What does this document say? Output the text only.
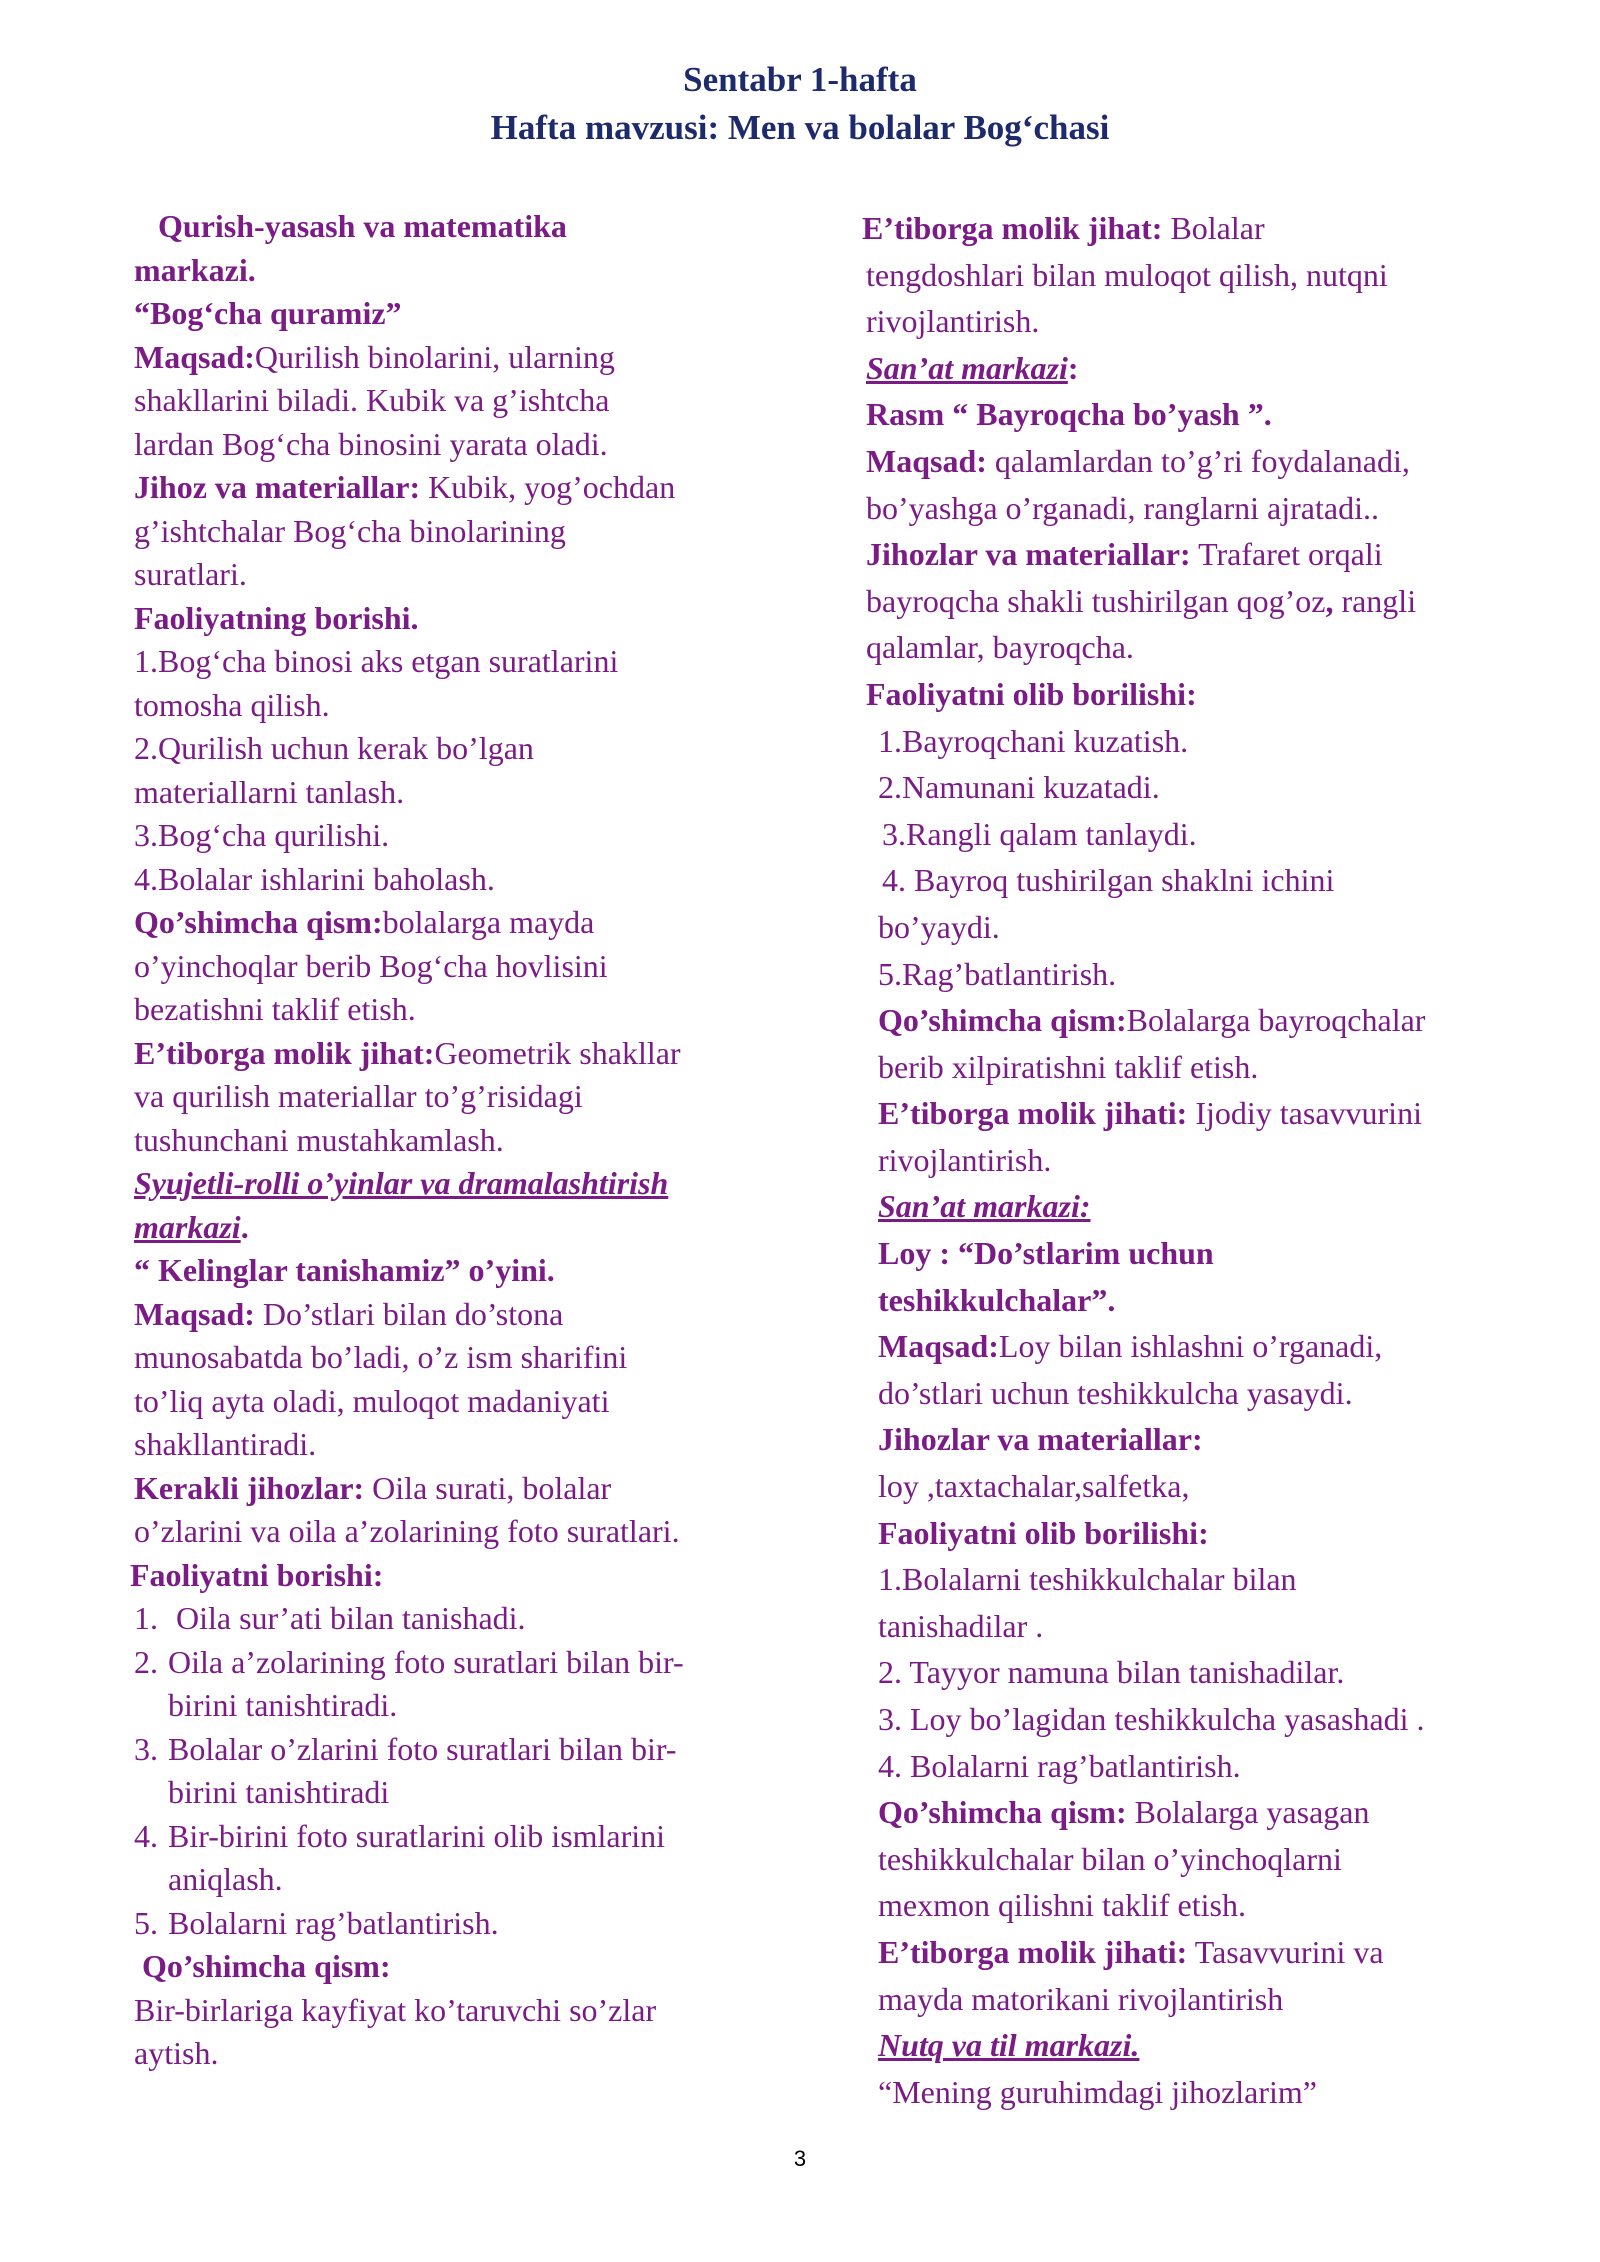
Sentabr 1-hafta
Hafta mavzusi: Men va bolalar Bog‘chasi
Qurish-yasash va matematika
markazi.
“Bog‘cha quramiz”
Maqsad:Qurilish binolarini, ularning
shakllarini biladi. Kubik va g’ishtcha
lardan Bog‘cha binosini yarata oladi.
Jihoz va materiallar: Kubik, yog’ochdan
g’ishtchalar Bog‘cha binolarining
suratlari.
Faoliyatning borishi.
1.Bog‘cha binosi aks etgan suratlarini
tomosha qilish.
2.Qurilish uchun kerak bo’lgan
materiallarni tanlash.
3.Bog‘cha qurilishi.
4.Bolalar ishlarini baholash.
Qo’shimcha qism:bolalarga mayda
o’yinchoqlar berib Bog‘cha hovlisini
bezatishni taklif etish.
E’tiborga molik jihat:Geometrik shakllar
va qurilish materiallar to’g’risidagi
tushunchani mustahkamlash.
Syujetli-rolli o’yinlar va dramalashtirish
markazi.
“ Kelinglar tanishamiz” o’yini.
Maqsad: Do’stlari bilan do’stona
munosabatda bo’ladi, o’z ism sharifini
to’liq ayta oladi, muloqot madaniyati
shakllantiradi.
Kerakli jihozlar: Oila surati, bolalar
o’zlarini va oila a’zolarining foto suratlari.
Faoliyatni borishi:
1. Oila sur’ati bilan tanishadi.
2. Oila a’zolarining foto suratlari bilan bir-
birini tanishtiradi.
3. Bolalar o’zlarini foto suratlari bilan bir-
birini tanishtiradi
4. Bir-birini foto suratlarini olib ismlarini
aniqlash.
5. Bolalarni rag’batlantirish.
Qo’shimcha qism:
Bir-birlariga kayfiyat ko’taruvchi so’zlar
aytish.
E’tiborga molik jihat: Bolalar
tengdoshlari bilan muloqot qilish, nutqni
rivojlantirish.
San’at markazi:
Rasm “ Bayroqcha bo’yash ”.
Maqsad: qalamlardan to’g’ri foydalanadi,
bo’yashga o’rganadi, ranglarni ajratadi..
Jihozlar va materiallar: Trafaret orqali
bayroqcha shakli tushirilgan qog’oz, rangli
qalamlar, bayroqcha.
Faoliyatni olib borilishi:
1.Bayroqchani kuzatish.
2.Namunani kuzatadi.
3.Rangli qalam tanlaydi.
4. Bayroq tushirilgan shaklni ichini
bo’yaydi.
5.Rag’batlantirish.
Qo’shimcha qism:Bolalarga bayroqchalar
berib xilpiratishni taklif etish.
E’tiborga molik jihati: Ijodiy tasavvurini
rivojlantirish.
San’at markazi:
Loy : “Do’stlarim uchun
teshikkulchalar”.
Maqsad:Loy bilan ishlashni o’rganadi,
do’stlari uchun teshikkulcha yasaydi.
Jihozlar va materiallar:
loy ,taxtachalar,salfetka,
Faoliyatni olib borilishi:
1.Bolalarni teshikkulchalar bilan
tanishadilar .
2. Tayyor namuna bilan tanishadilar.
3. Loy bo’lagidan teshikkulcha yasashadi .
4. Bolalarni rag’batlantirish.
Qo’shimcha qism: Bolalarga yasagan
teshikkulchalar bilan o’yinchoqlarni
mexmon qilishni taklif etish.
E’tiborga molik jihati: Tasavvurini va
mayda matorikani rivojlantirish
Nutq va til markazi.
“Mening guruhimdagi jihozlarim”
3
